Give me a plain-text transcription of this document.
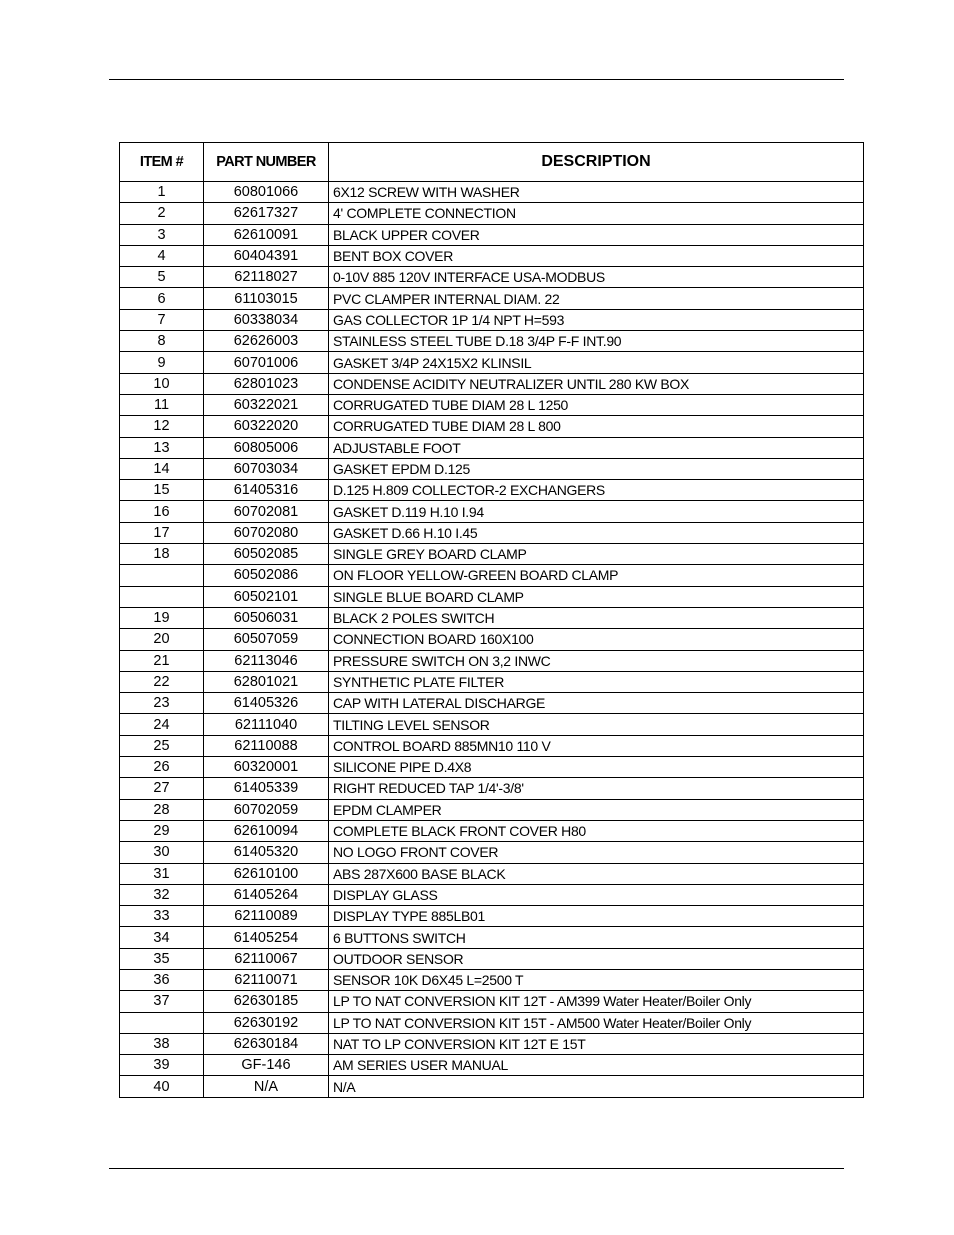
ITEM #	PART NUMBER	DESCRIPTION
1	60801066	6X12 SCREW WITH WASHER
2	62617327	4' COMPLETE CONNECTION
3	62610091	BLACK UPPER COVER
4	60404391	BENT BOX COVER
5	62118027	0-10V 885 120V INTERFACE USA-MODBUS
6	61103015	PVC CLAMPER INTERNAL DIAM. 22
7	60338034	GAS COLLECTOR 1P 1/4 NPT H=593
8	62626003	STAINLESS STEEL TUBE D.18 3/4P F-F INT.90
9	60701006	GASKET 3/4P 24X15X2 KLINSIL
10	62801023	CONDENSE ACIDITY NEUTRALIZER UNTIL 280 KW BOX
11	60322021	CORRUGATED TUBE DIAM 28 L 1250
12	60322020	CORRUGATED TUBE DIAM 28 L 800
13	60805006	ADJUSTABLE FOOT
14	60703034	GASKET EPDM D.125
15	61405316	D.125 H.809 COLLECTOR-2 EXCHANGERS
16	60702081	GASKET D.119 H.10 I.94
17	60702080	GASKET D.66 H.10 I.45
18	60502085	SINGLE GREY BOARD CLAMP
	60502086	ON FLOOR YELLOW-GREEN BOARD CLAMP
	60502101	SINGLE BLUE BOARD CLAMP
19	60506031	BLACK 2 POLES SWITCH
20	60507059	CONNECTION BOARD 160X100
21	62113046	PRESSURE SWITCH ON 3,2 INWC
22	62801021	SYNTHETIC PLATE FILTER
23	61405326	CAP WITH LATERAL DISCHARGE
24	62111040	TILTING LEVEL SENSOR
25	62110088	CONTROL BOARD 885MN10 110 V
26	60320001	SILICONE PIPE D.4X8
27	61405339	RIGHT REDUCED TAP 1/4'-3/8'
28	60702059	EPDM CLAMPER
29	62610094	COMPLETE BLACK FRONT COVER H80
30	61405320	NO LOGO FRONT COVER
31	62610100	ABS 287X600 BASE BLACK
32	61405264	DISPLAY GLASS
33	62110089	DISPLAY TYPE 885LB01
34	61405254	6 BUTTONS SWITCH
35	62110067	OUTDOOR SENSOR
36	62110071	SENSOR 10K D6X45 L=2500 T
37	62630185	LP TO NAT CONVERSION KIT 12T - AM399 Water Heater/Boiler Only
	62630192	LP TO NAT CONVERSION KIT 15T - AM500 Water Heater/Boiler Only
38	62630184	NAT TO LP CONVERSION KIT 12T E 15T
39	GF-146	AM SERIES USER MANUAL
40	N/A	N/A
